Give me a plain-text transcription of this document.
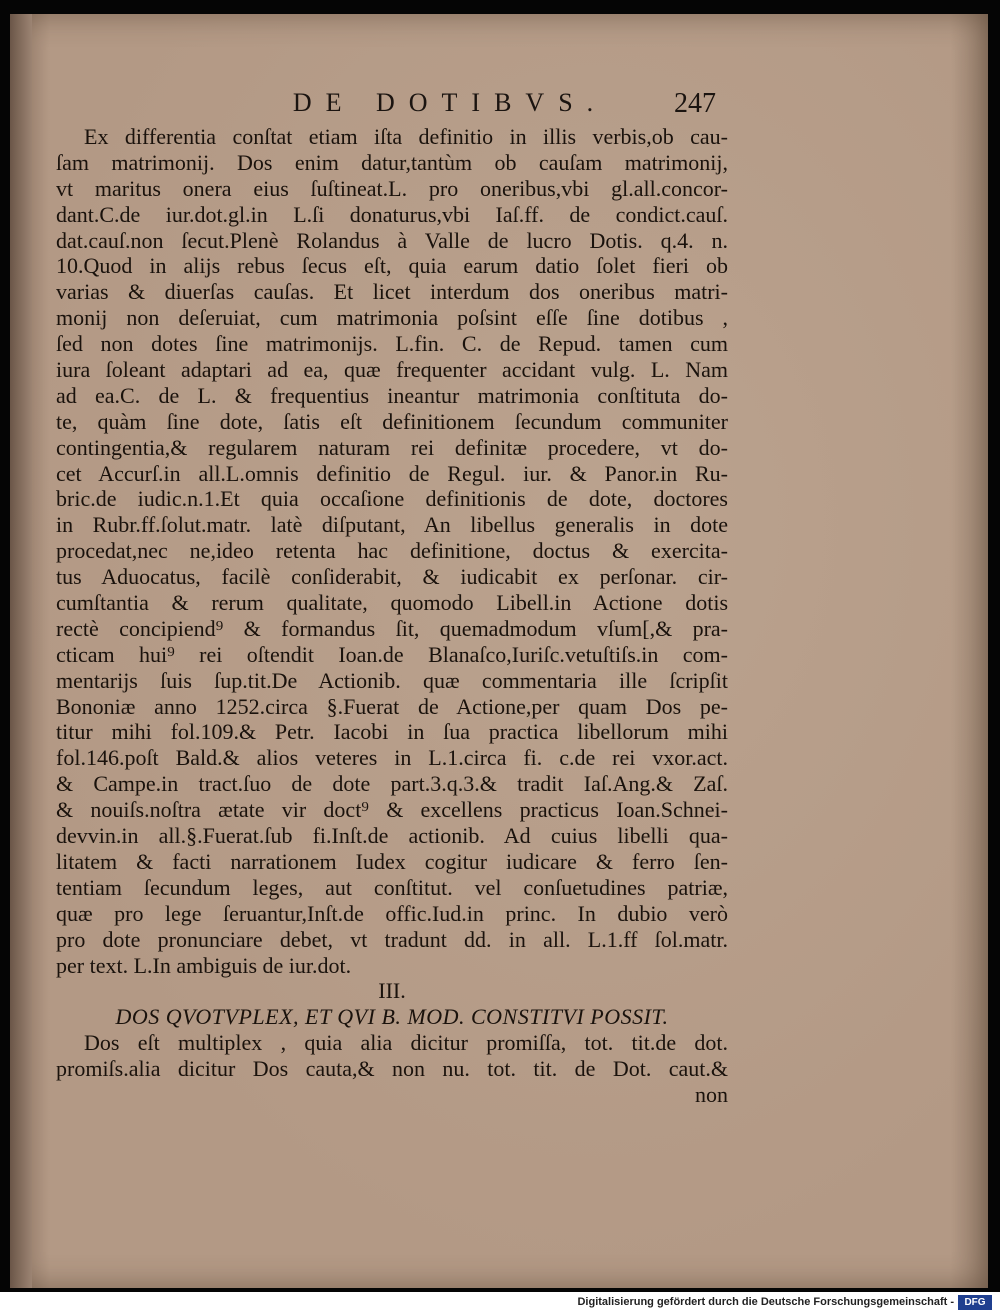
DE DOTIBVS.	247
Ex differentia conſtat etiam iſta definitio in illis verbis,ob cau-
ſam matrimonij. Dos enim datur,tantùm ob cauſam matrimonij,
vt maritus onera eius ſuſtineat.L. pro oneribus,vbi gl.all.concor-
dant.C.de iur.dot.gl.in L.ſi donaturus,vbi Iaſ.ff. de condict.cauſ.
dat.cauſ.non ſecut.Plenè Rolandus à Valle de lucro Dotis. q.4. n.
10.Quod in alijs rebus ſecus eſt, quia earum datio ſolet fieri ob
varias & diuerſas cauſas. Et licet interdum dos oneribus matri-
monij non deſeruiat, cum matrimonia poſsint eſſe ſine dotibus ,
ſed non dotes ſine matrimonijs. L.fin. C. de Repud. tamen cum
iura ſoleant adaptari ad ea, quæ frequenter accidant vulg. L. Nam
ad ea.C. de L. & frequentius ineantur matrimonia conſtituta do-
te, quàm ſine dote, ſatis eſt definitionem ſecundum communiter
contingentia,& regularem naturam rei definitæ procedere, vt do-
cet Accurſ.in all.L.omnis definitio de Regul. iur. & Panor.in Ru-
bric.de iudic.n.1.Et quia occaſione definitionis de dote, doctores
in Rubr.ff.ſolut.matr. latè diſputant, An libellus generalis in dote
procedat,nec ne,ideo retenta hac definitione, doctus & exercita-
tus Aduocatus, facilè conſiderabit, & iudicabit ex perſonar. cir-
cumſtantia & rerum qualitate, quomodo Libell.in Actione dotis
rectè concipiend⁹ & formandus ſit, quemadmodum vſum[,& pra-
cticam hui⁹ rei oſtendit Ioan.de Blanaſco,Iuriſc.vetuſtiſs.in com-
mentarijs ſuis ſup.tit.De Actionib. quæ commentaria ille ſcripſit
Bononiæ anno 1252.circa §.Fuerat de Actione,per quam Dos pe-
titur mihi fol.109.& Petr. Iacobi in ſua practica libellorum mihi
fol.146.poſt Bald.& alios veteres in L.1.circa fi. c.de rei vxor.act.
& Campe.in tract.ſuo de dote part.3.q.3.& tradit Iaſ.Ang.& Zaſ.
& nouiſs.noſtra ætate vir doct⁹ & excellens practicus Ioan.Schnei-
devvin.in all.§.Fuerat.ſub fi.Inſt.de actionib. Ad cuius libelli qua-
litatem & facti narrationem Iudex cogitur iudicare & ferro ſen-
tentiam ſecundum leges, aut conſtitut. vel conſuetudines patriæ,
quæ pro lege ſeruantur,Inſt.de offic.Iud.in princ. In dubio verò
pro dote pronunciare debet, vt tradunt dd. in all. L.1.ff ſol.matr.
per text. L.In ambiguis de iur.dot.
III.
DOS QVOTVPLEX, ET QVI B. MOD. CONSTITVI POSSIT.
Dos eſt multiplex , quia alia dicitur promiſſa, tot. tit.de dot.
promiſs.alia dicitur Dos cauta,& non nu. tot. tit. de Dot. caut.&
non
Digitalisierung gefördert durch die Deutsche Forschungsgemeinschaft -	DFG
